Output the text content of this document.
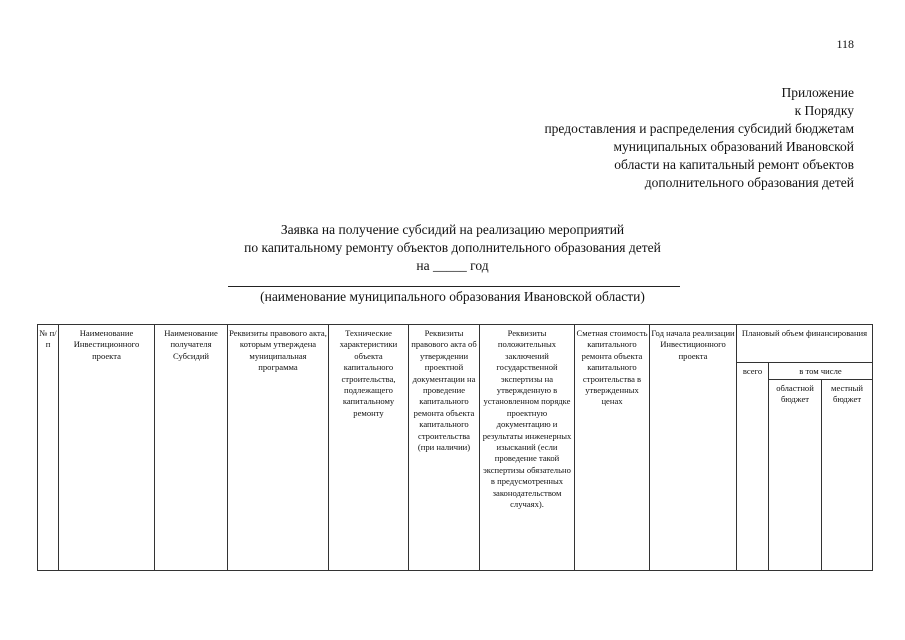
118
Приложение
к Порядку
предоставления и распределения субсидий бюджетам
муниципальных образований Ивановской
области на капитальный ремонт объектов
дополнительного образования детей
Заявка на получение субсидий на реализацию мероприятий
по капитальному ремонту объектов дополнительного образования детей
на _____ год
(наименование муниципального образования Ивановской области)
№ п/п	Наименование Инвестиционного проекта	Наименование получателя Субсидий	Реквизиты правового акта, которым утверждена муниципальная программа	Технические характеристики объекта капитального строительства, подлежащего капитальному ремонту	Реквизиты правового акта об утверждении проектной документации на проведение капитального ремонта объекта капитального строительства (при наличии)	Реквизиты положительных заключений государственной экспертизы на утвержденную в установленном порядке проектную документацию и результаты инженерных изысканий (если проведение такой экспертизы обязательно в предусмотренных законодательством случаях).	Сметная стоимость капитального ремонта объекта капитального строительства в утвержденных ценах	Год начала реализации Инвестиционного проекта	Плановый объем финансирования		
									всего	в том числе	
										областной бюджет	местный бюджет
